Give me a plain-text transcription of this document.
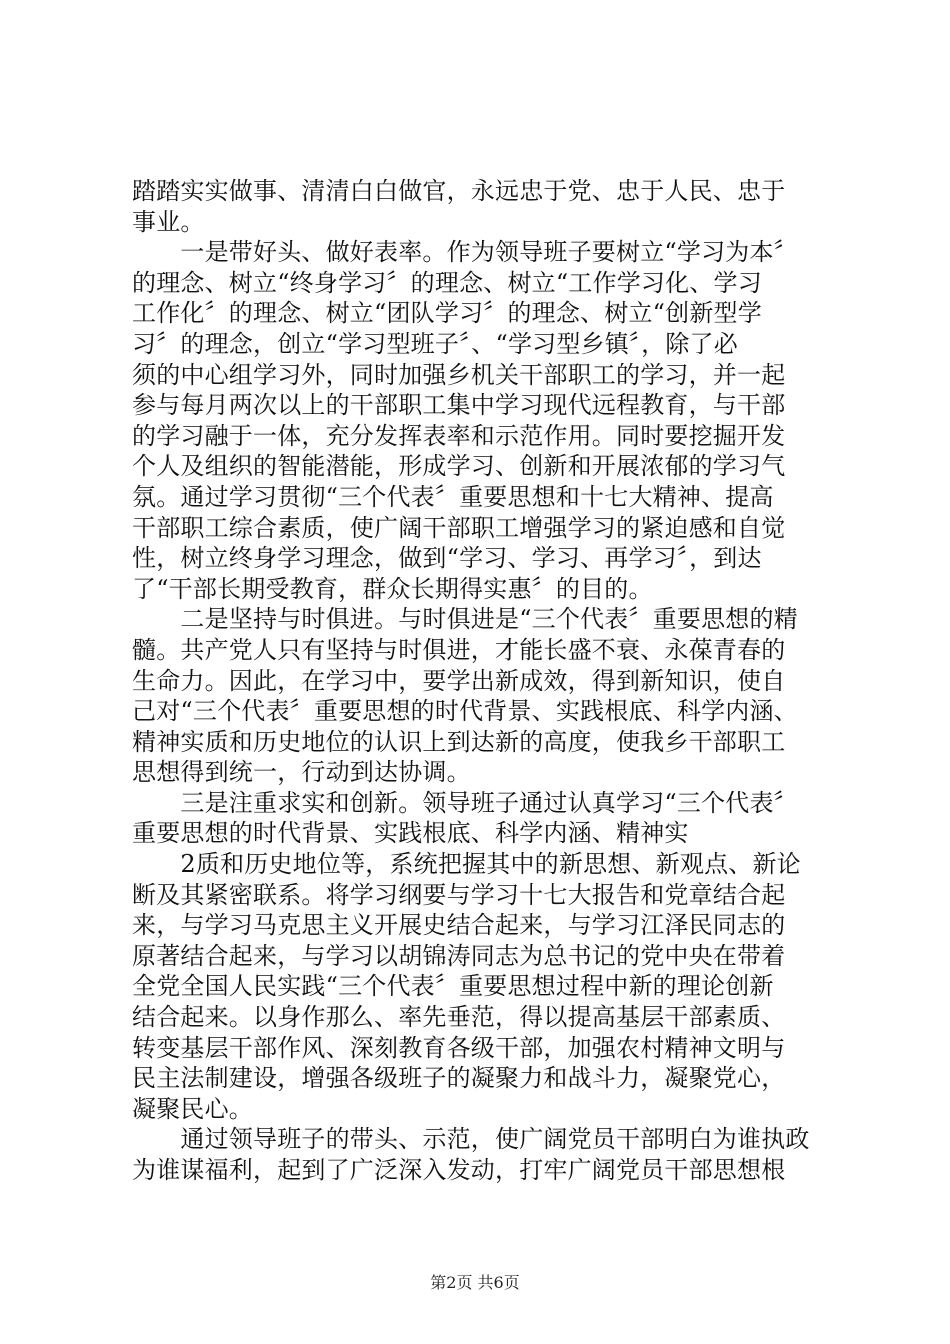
踏踏实实做事、清清白白做官，永远忠于党、忠于人民、忠于
事业。
　　一是带好头、做好表率。作为领导班子要树立“学习为本〞
的理念、树立“终身学习〞的理念、树立“工作学习化、学习
工作化〞的理念、树立“团队学习〞的理念、树立“创新型学
习〞的理念，创立“学习型班子〞、“学习型乡镇〞，除了必
须的中心组学习外，同时加强乡机关干部职工的学习，并一起
参与每月两次以上的干部职工集中学习现代远程教育，与干部
的学习融于一体，充分发挥表率和示范作用。同时要挖掘开发
个人及组织的智能潜能，形成学习、创新和开展浓郁的学习气
氛。通过学习贯彻“三个代表〞重要思想和十七大精神、提高
干部职工综合素质，使广阔干部职工增强学习的紧迫感和自觉
性，树立终身学习理念，做到“学习、学习、再学习〞，到达
了“干部长期受教育，群众长期得实惠〞的目的。
　　二是坚持与时俱进。与时俱进是“三个代表〞重要思想的精
髓。共产党人只有坚持与时俱进，才能长盛不衰、永葆青春的
生命力。因此，在学习中，要学出新成效，得到新知识，使自
己对“三个代表〞重要思想的时代背景、实践根底、科学内涵、
精神实质和历史地位的认识上到达新的高度，使我乡干部职工
思想得到统一，行动到达协调。
　　三是注重求实和创新。领导班子通过认真学习“三个代表〞
重要思想的时代背景、实践根底、科学内涵、精神实
　　2质和历史地位等，系统把握其中的新思想、新观点、新论
断及其紧密联系。将学习纲要与学习十七大报告和党章结合起
来，与学习马克思主义开展史结合起来，与学习江泽民同志的
原著结合起来，与学习以胡锦涛同志为总书记的党中央在带着
全党全国人民实践“三个代表〞重要思想过程中新的理论创新
结合起来。以身作那么、率先垂范，得以提高基层干部素质、
转变基层干部作风、深刻教育各级干部，加强农村精神文明与
民主法制建设，增强各级班子的凝聚力和战斗力，凝聚党心，
凝聚民心。
　　通过领导班子的带头、示范，使广阔党员干部明白为谁执政
为谁谋福利，起到了广泛深入发动，打牢广阔党员干部思想根
第2页 共6页
